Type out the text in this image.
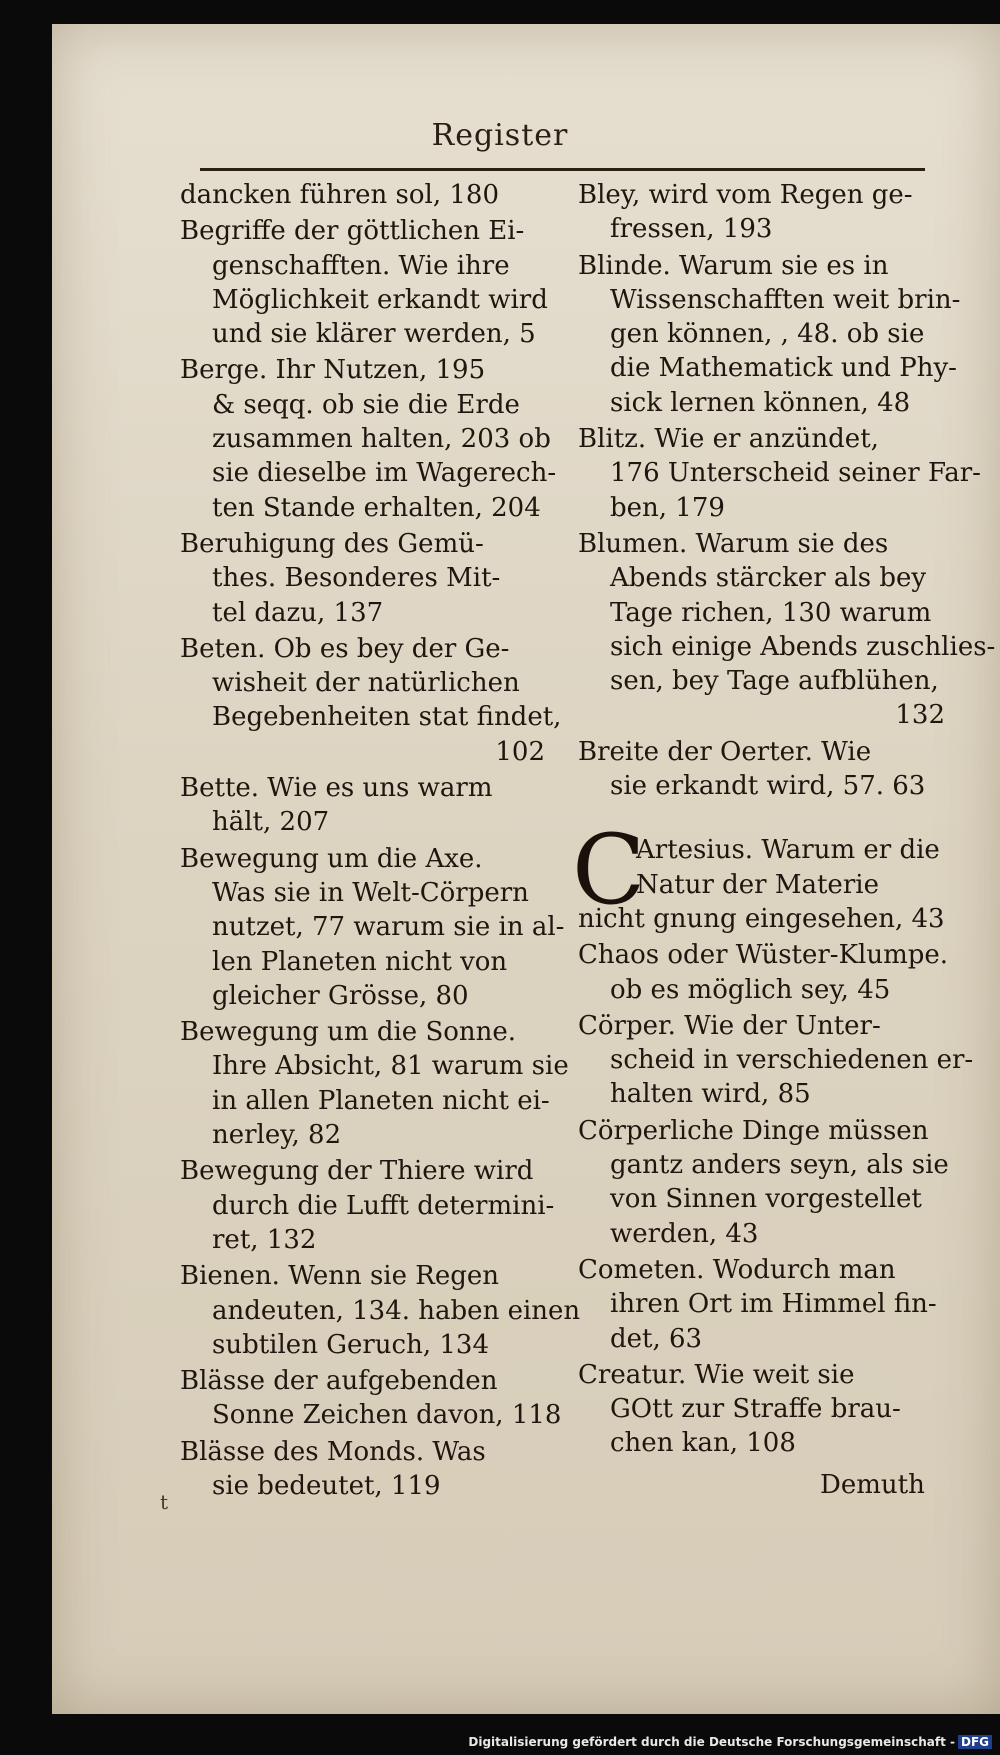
Register
dancken führen sol, 180
Begriffe der göttlichen Ei-
genschafften. Wie ihre
Möglichkeit erkandt wird
und sie klärer werden, 5
Berge. Ihr Nutzen, 195
& seqq. ob sie die Erde
zusammen halten, 203 ob
sie dieselbe im Wagerech-
ten Stande erhalten, 204
Beruhigung des Gemü-
thes. Besonderes Mit-
tel dazu, 137
Beten. Ob es bey der Ge-
wisheit der natürlichen
Begebenheiten stat findet,
102
Bette. Wie es uns warm
hält, 207
Bewegung um die Axe.
Was sie in Welt-Cörpern
nutzet, 77 warum sie in al-
len Planeten nicht von
gleicher Grösse, 80
Bewegung um die Sonne.
Ihre Absicht, 81 warum sie
in allen Planeten nicht ei-
nerley, 82
Bewegung der Thiere wird
durch die Lufft determini-
ret, 132
Bienen. Wenn sie Regen
andeuten, 134. haben einen
subtilen Geruch, 134
Blässe der aufgebenden
Sonne Zeichen davon, 118
Blässe des Monds. Was
sie bedeutet, 119
Bley, wird vom Regen ge-
fressen, 193
Blinde. Warum sie es in
Wissenschafften weit brin-
gen können, , 48. ob sie
die Mathematick und Phy-
sick lernen können, 48
Blitz. Wie er anzündet,
176 Unterscheid seiner Far-
ben, 179
Blumen. Warum sie des
Abends stärcker als bey
Tage richen, 130 warum
sich einige Abends zuschlies-
sen, bey Tage aufblühen,
132
Breite der Oerter. Wie
sie erkandt wird, 57. 63
C
Artesius. Warum er die
Natur der Materie
nicht gnung eingesehen, 43
Chaos oder Wüster-Klumpe.
ob es möglich sey, 45
Cörper. Wie der Unter-
scheid in verschiedenen er-
halten wird, 85
Cörperliche Dinge müssen
gantz anders seyn, als sie
von Sinnen vorgestellet
werden, 43
Cometen. Wodurch man
ihren Ort im Himmel fin-
det, 63
Creatur. Wie weit sie
GOtt zur Straffe brau-
chen kan, 108
Demuth
t
Digitalisierung gefördert durch die Deutsche Forschungsgemeinschaft - DFG
